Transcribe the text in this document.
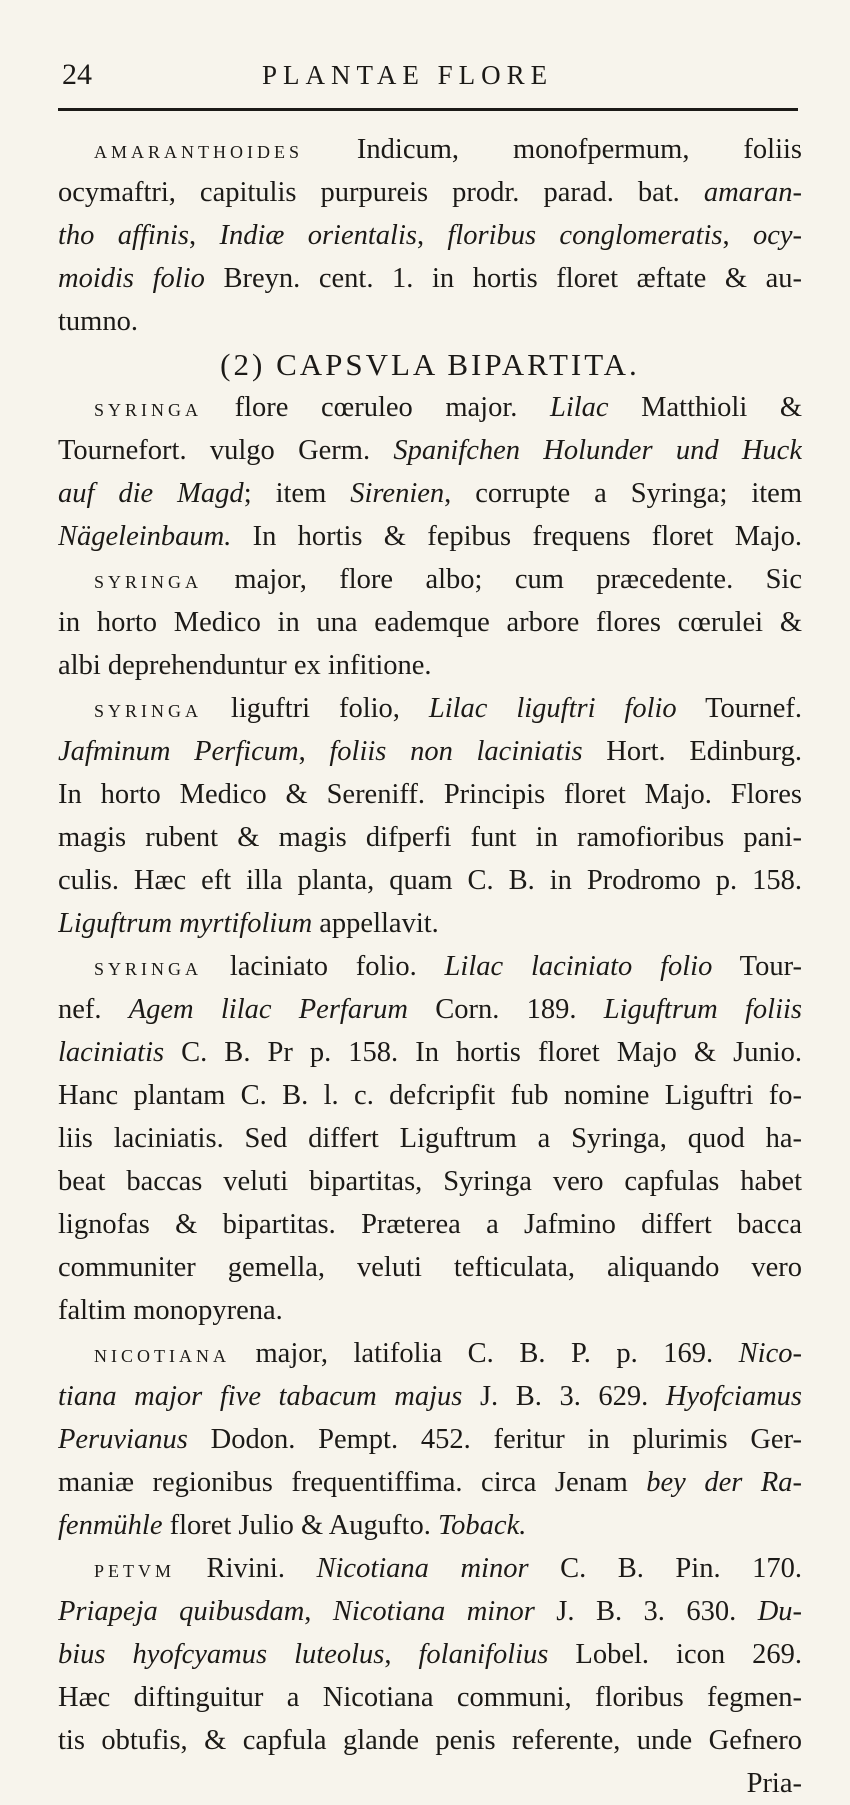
24	PLANTAE FLORE
AMARANTHOIDES Indicum, monofpermum, foliis
ocymaftri, capitulis purpureis prodr. parad. bat. amaran-
tho affinis, Indiæ orientalis, floribus conglomeratis, ocy-
moidis folio Breyn. cent. 1. in hortis floret æftate & au-
tumno.
(2) CAPSVLA BIPARTITA.
SYRINGA flore cœruleo major. Lilac Matthioli &
Tournefort. vulgo Germ. Spanifchen Holunder und Huck
auf die Magd; item Sirenien, corrupte a Syringa; item
Nägeleinbaum. In hortis & fepibus frequens floret Majo.
SYRINGA major, flore albo; cum præcedente. Sic
in horto Medico in una eademque arbore flores cœrulei &
albi deprehenduntur ex infitione.
SYRINGA liguftri folio, Lilac liguftri folio Tournef.
Jafminum Perficum, foliis non laciniatis Hort. Edinburg.
In horto Medico & Sereniff. Principis floret Majo. Flores
magis rubent & magis difperfi funt in ramofioribus pani-
culis. Hæc eft illa planta, quam C. B. in Prodromo p. 158.
Liguftrum myrtifolium appellavit.
SYRINGA laciniato folio. Lilac laciniato folio Tour-
nef. Agem lilac Perfarum Corn. 189. Liguftrum foliis
laciniatis C. B. Pr p. 158. In hortis floret Majo & Junio.
Hanc plantam C. B. l. c. defcripfit fub nomine Liguftri fo-
liis laciniatis. Sed differt Liguftrum a Syringa, quod ha-
beat baccas veluti bipartitas, Syringa vero capfulas habet
lignofas & bipartitas. Præterea a Jafmino differt bacca
communiter gemella, veluti tefticulata, aliquando vero
faltim monopyrena.
NICOTIANA major, latifolia C. B. P. p. 169. Nico-
tiana major five tabacum majus J. B. 3. 629. Hyofciamus
Peruvianus Dodon. Pempt. 452. feritur in plurimis Ger-
maniæ regionibus frequentiffima. circa Jenam bey der Ra-
fenmühle floret Julio & Augufto. Toback.
PETVM Rivini. Nicotiana minor C. B. Pin. 170.
Priapeja quibusdam, Nicotiana minor J. B. 3. 630. Du-
bius hyofcyamus luteolus, folanifolius Lobel. icon 269.
Hæc diftinguitur a Nicotiana communi, floribus fegmen-
tis obtufis, & capfula glande penis referente, unde Gefnero
Pria-
